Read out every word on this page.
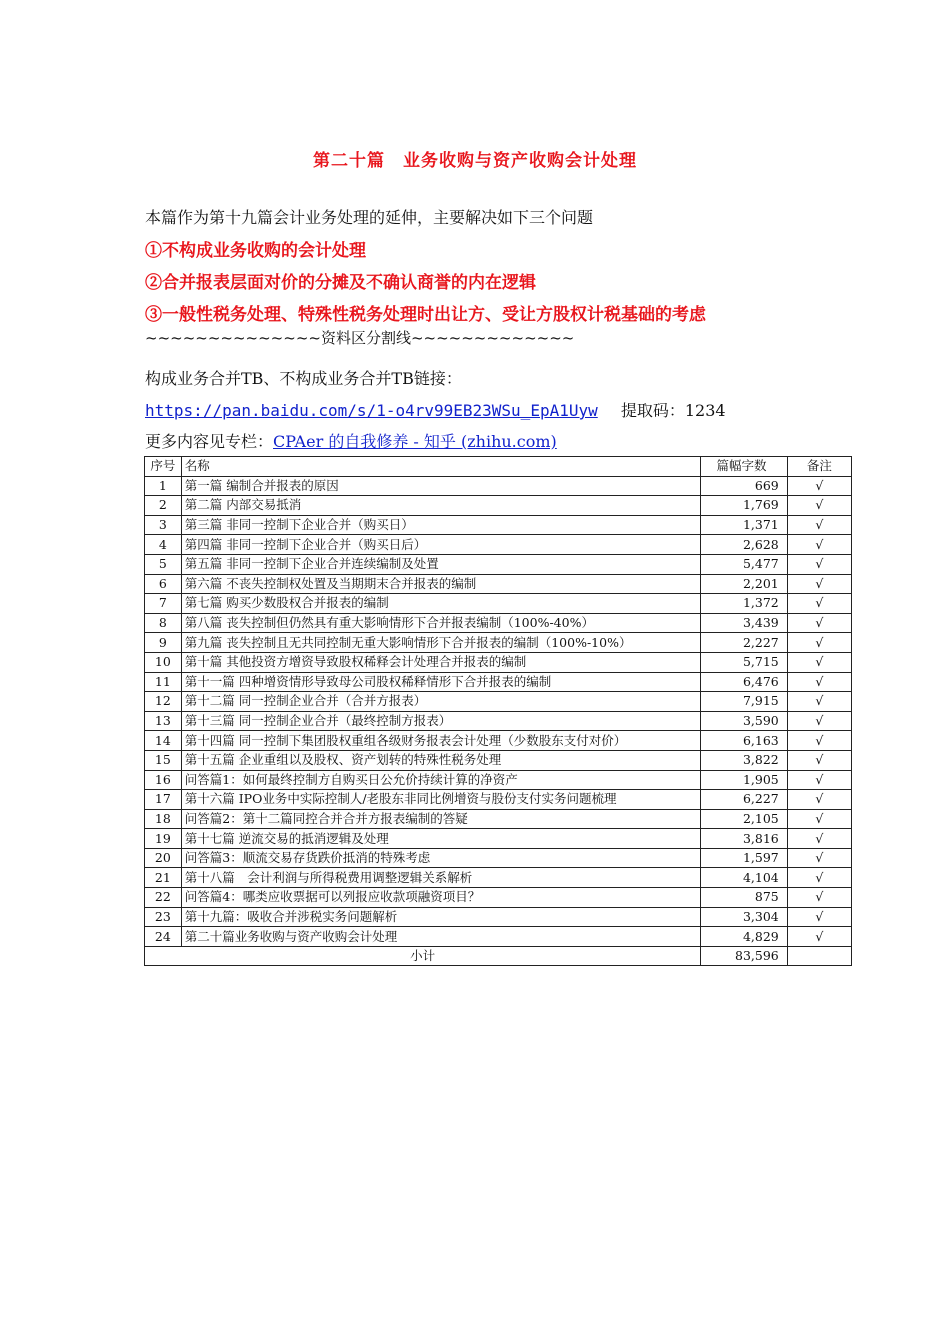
第二十篇　业务收购与资产收购会计处理
本篇作为第十九篇会计业务处理的延伸，主要解决如下三个问题
①不构成业务收购的会计处理
②合并报表层面对价的分摊及不确认商誉的内在逻辑
③一般性税务处理、特殊性税务处理时出让方、受让方股权计税基础的考虑
~~~~~~~~~~~~~~资料区分割线~~~~~~~~~~~~~
构成业务合并TB、不构成业务合并TB链接：
https://pan.baidu.com/s/1-o4rv99EB23WSu_EpA1Uyw 提取码：1234
更多内容见专栏：CPAer 的自我修养 - 知乎 (zhihu.com)
序号	名称	篇幅字数	备注
1	第一篇 编制合并报表的原因	669	√
2	第二篇 内部交易抵消	1,769	√
3	第三篇 非同一控制下企业合并（购买日）	1,371	√
4	第四篇 非同一控制下企业合并（购买日后）	2,628	√
5	第五篇 非同一控制下企业合并连续编制及处置	5,477	√
6	第六篇 不丧失控制权处置及当期期末合并报表的编制	2,201	√
7	第七篇 购买少数股权合并报表的编制	1,372	√
8	第八篇 丧失控制但仍然具有重大影响情形下合并报表编制（100%-40%）	3,439	√
9	第九篇 丧失控制且无共同控制无重大影响情形下合并报表的编制（100%-10%）	2,227	√
10	第十篇 其他投资方增资导致股权稀释会计处理合并报表的编制	5,715	√
11	第十一篇 四种增资情形导致母公司股权稀释情形下合并报表的编制	6,476	√
12	第十二篇 同一控制企业合并（合并方报表）	7,915	√
13	第十三篇 同一控制企业合并（最终控制方报表）	3,590	√
14	第十四篇 同一控制下集团股权重组各级财务报表会计处理（少数股东支付对价）	6,163	√
15	第十五篇 企业重组以及股权、资产划转的特殊性税务处理	3,822	√
16	问答篇1：如何最终控制方自购买日公允价持续计算的净资产	1,905	√
17	第十六篇 IPO业务中实际控制人/老股东非同比例增资与股份支付实务问题梳理	6,227	√
18	问答篇2：第十二篇同控合并合并方报表编制的答疑	2,105	√
19	第十七篇 逆流交易的抵消逻辑及处理	3,816	√
20	问答篇3：顺流交易存货跌价抵消的特殊考虑	1,597	√
21	第十八篇　会计利润与所得税费用调整逻辑关系解析	4,104	√
22	问答篇4：哪类应收票据可以列报应收款项融资项目？	875	√
23	第十九篇：吸收合并涉税实务问题解析	3,304	√
24	第二十篇业务收购与资产收购会计处理	4,829	√
小计		83,596	
